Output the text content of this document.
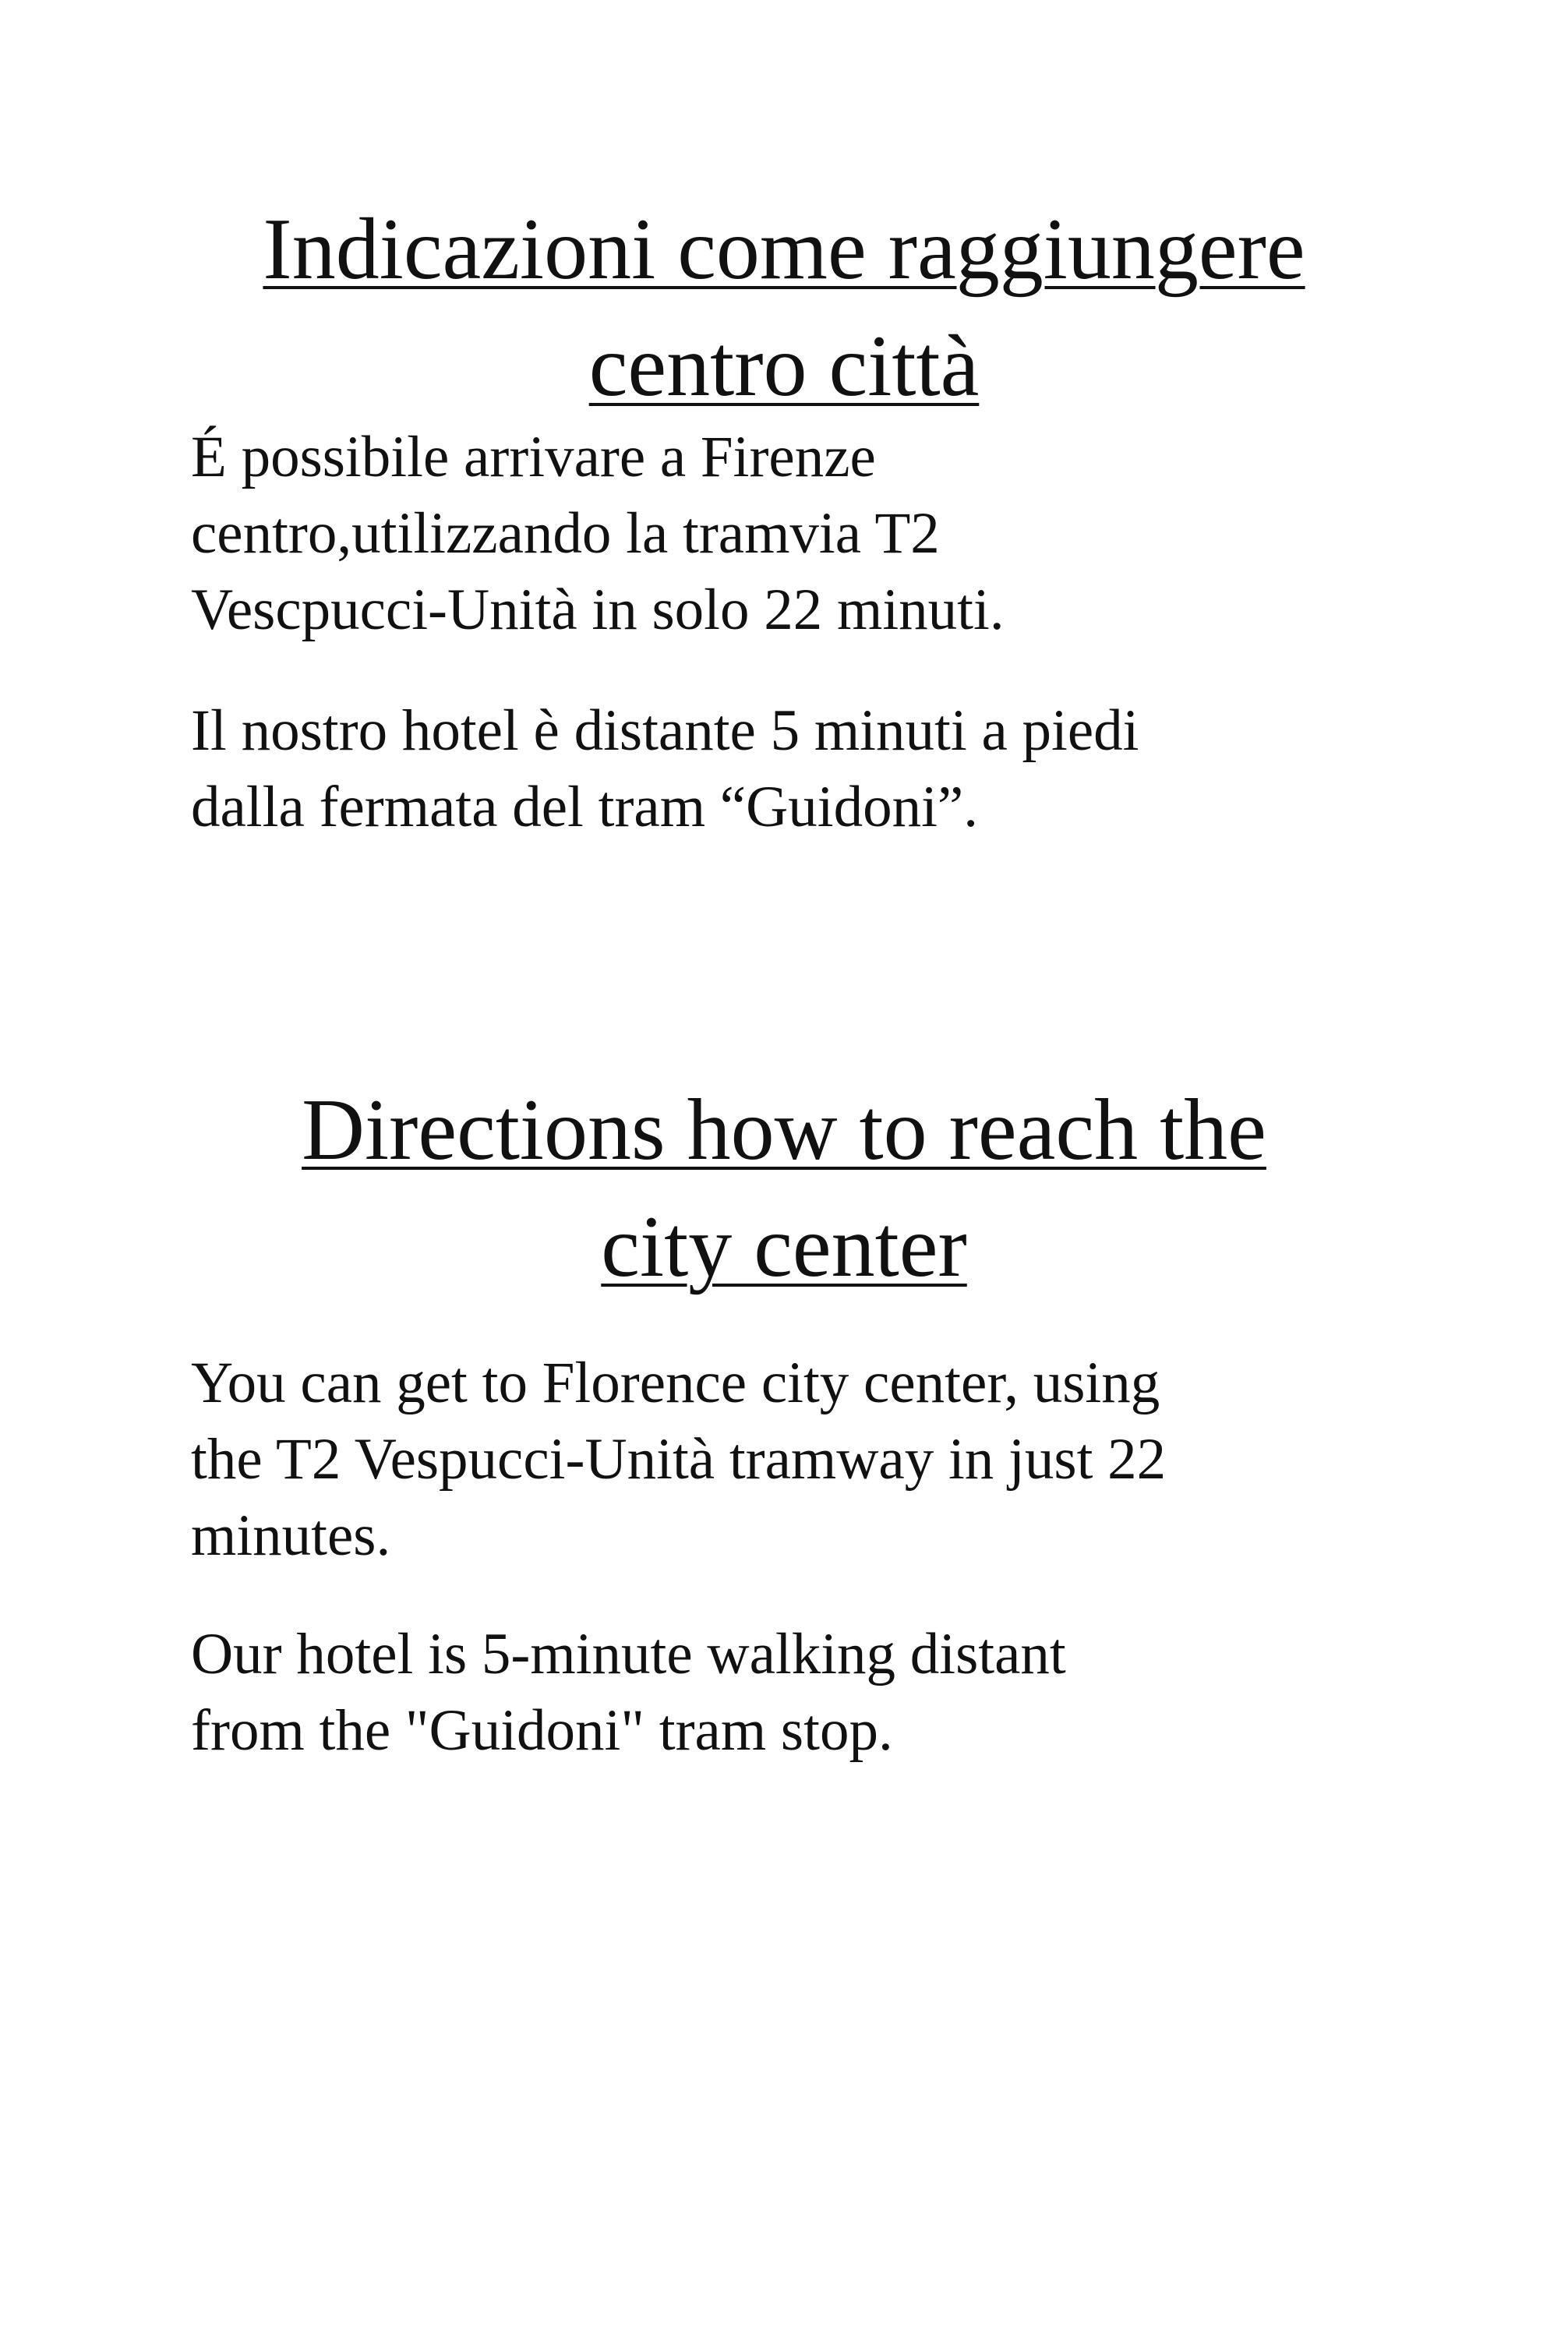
Indicazioni come raggiungere
centro città

É possibile arrivare a Firenze
centro,utilizzando la tramvia T2
Vescpucci-Unità in solo 22 minuti.

Il nostro hotel è distante 5 minuti a piedi
dalla fermata del tram “Guidoni”.

Directions how to reach the
city center

You can get to Florence city center, using
the T2 Vespucci-Unità tramway in just 22
minutes.

Our hotel is 5-minute walking distant
from the "Guidoni" tram stop.
